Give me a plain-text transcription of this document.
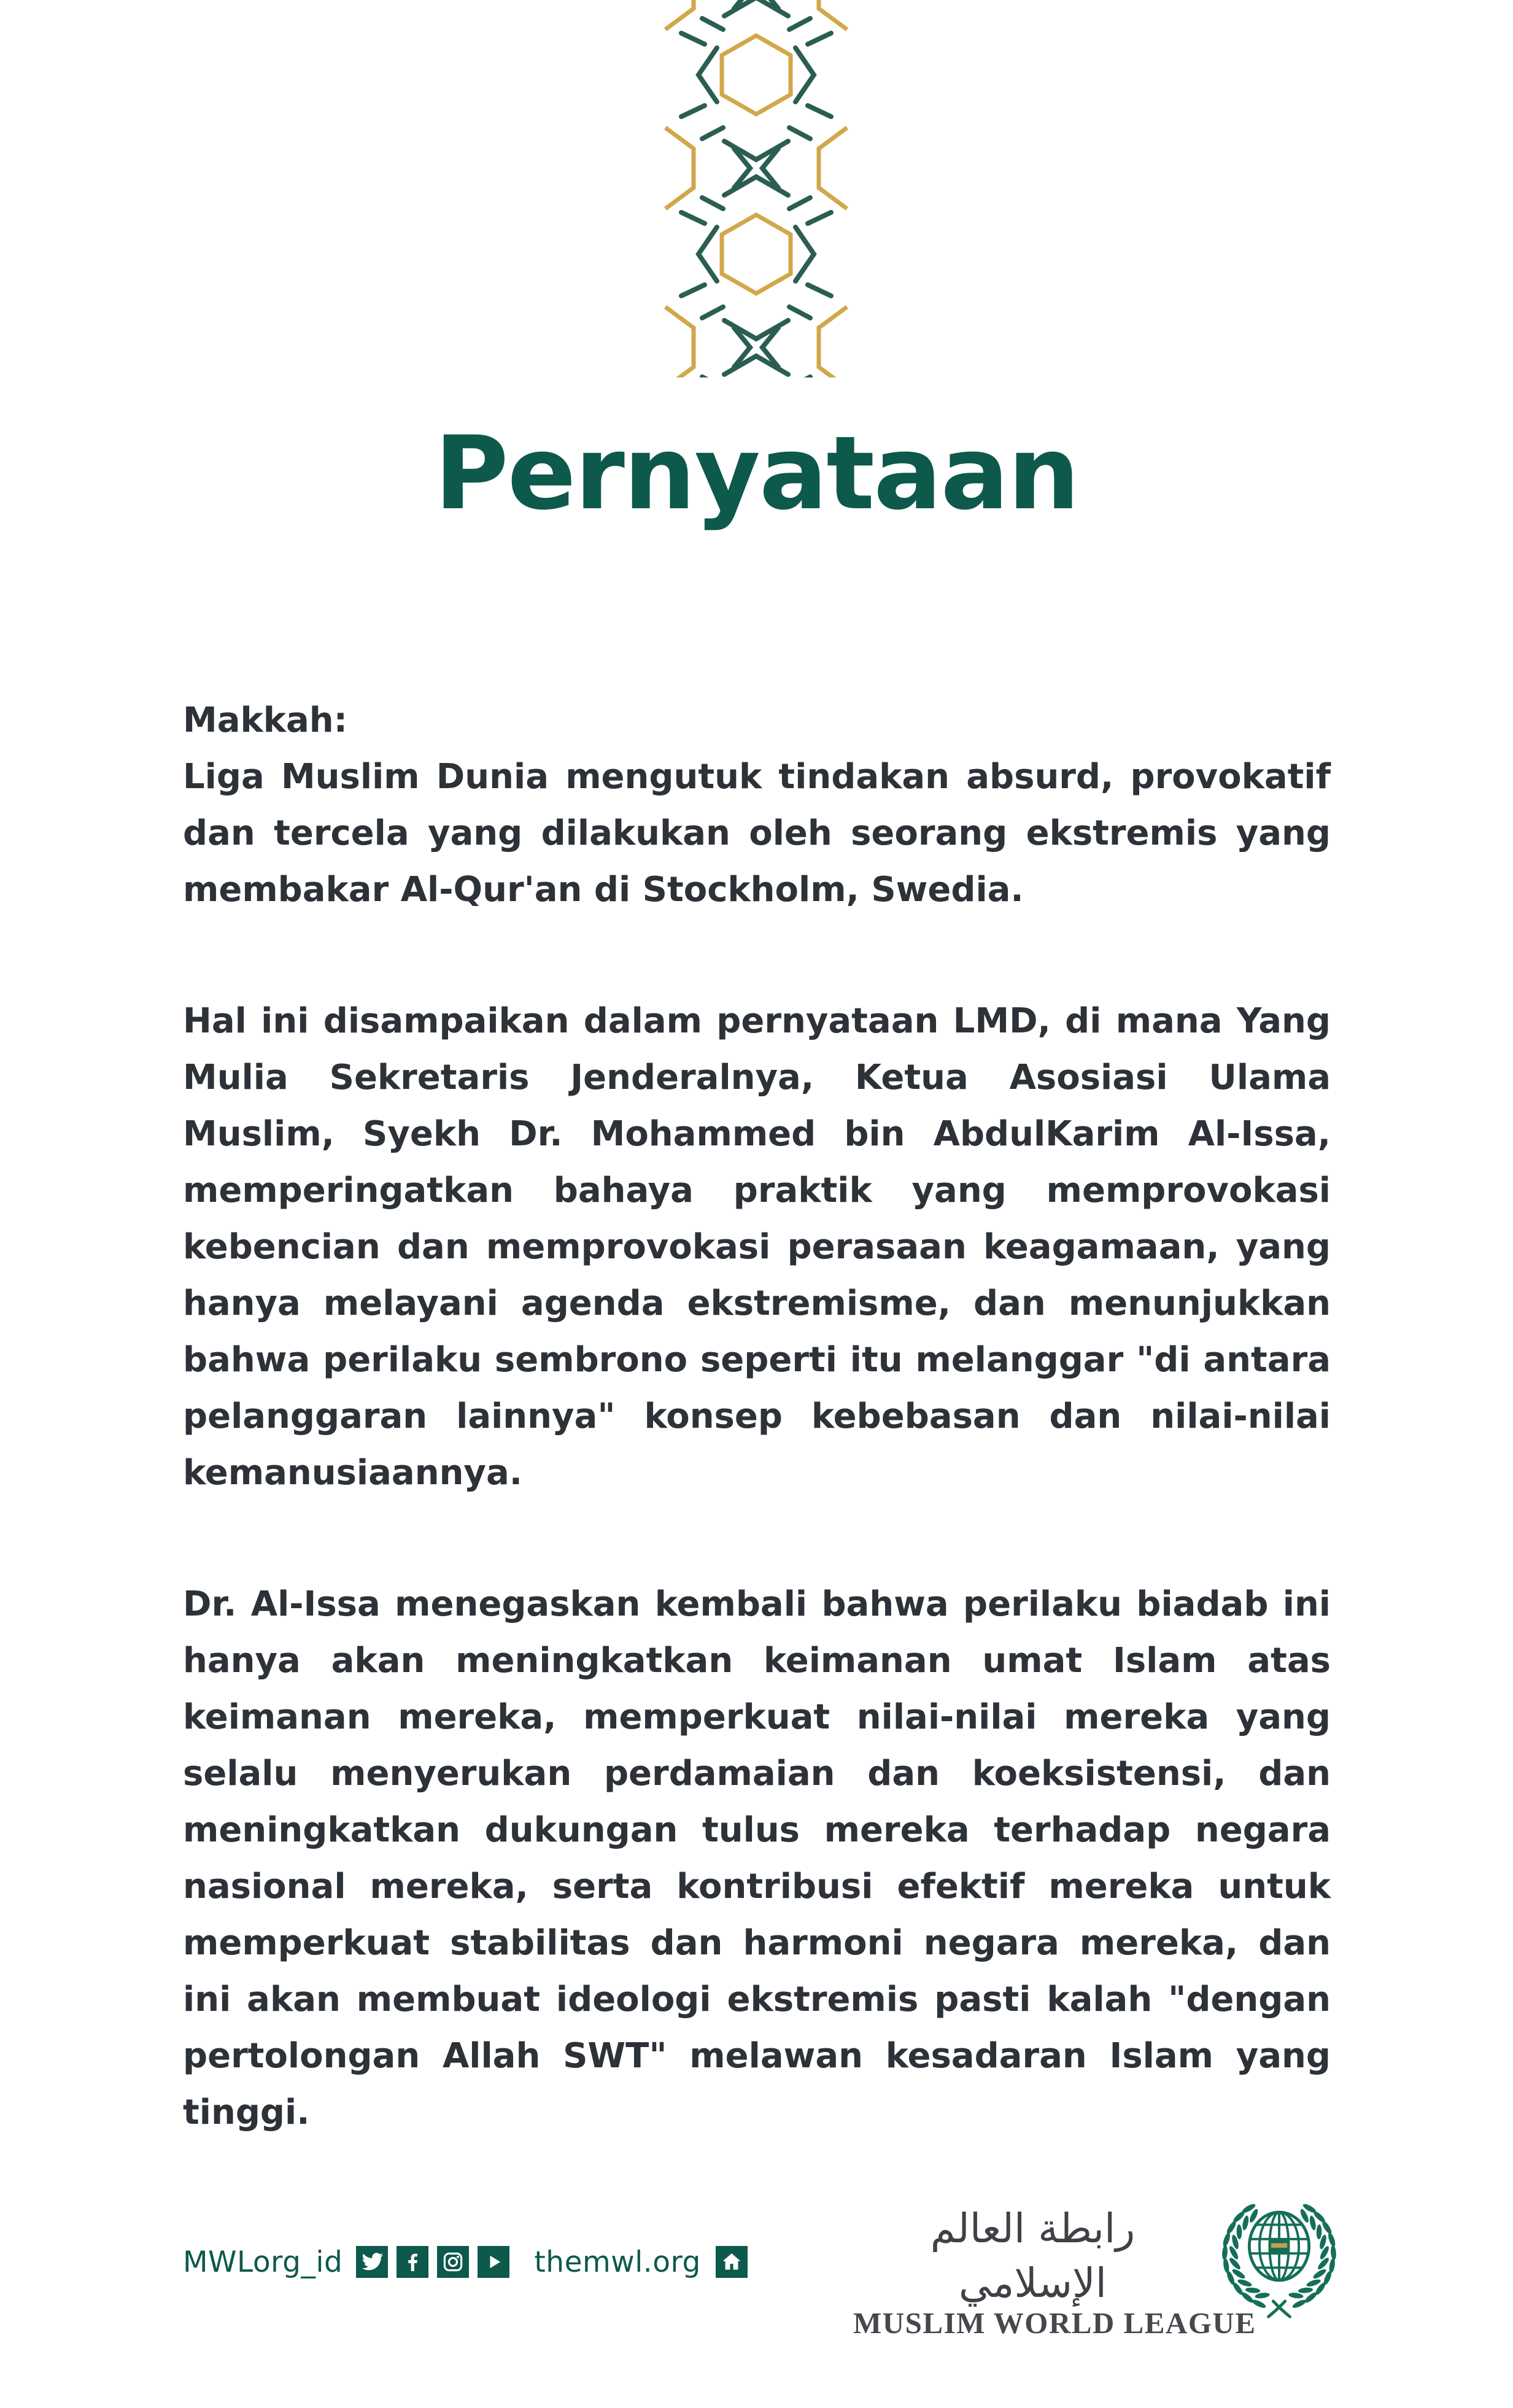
Pernyataan
Makkah:

Liga Muslim Dunia mengutuk tindakan absurd, provokatif dan tercela yang dilakukan oleh seorang ekstremis yang membakar Al-Qur'an di Stockholm, Swedia.

Hal ini disampaikan dalam pernyataan LMD, di mana Yang Mulia Sekretaris Jenderalnya, Ketua Asosiasi Ulama Muslim, Syekh Dr. Mohammed bin AbdulKarim Al-Issa, memperingatkan bahaya praktik yang memprovokasi kebencian dan memprovokasi perasaan keagamaan, yang hanya melayani agenda ekstremisme, dan menunjukkan bahwa perilaku sembrono seperti itu melanggar "di antara pelanggaran lainnya" konsep kebebasan dan nilai-nilai kemanusiaannya.

Dr. Al-Issa menegaskan kembali bahwa perilaku biadab ini hanya akan meningkatkan keimanan umat Islam atas keimanan mereka, memperkuat nilai-nilai mereka yang selalu menyerukan perdamaian dan koeksistensi, dan meningkatkan dukungan tulus mereka terhadap negara nasional mereka, serta kontribusi efektif mereka untuk memperkuat stabilitas dan harmoni negara mereka, dan ini akan membuat ideologi ekstremis pasti kalah "dengan pertolongan Allah SWT" melawan kesadaran Islam yang tinggi.

MWLorg_id	themwl.org
رابطة العالم الإسلامي
MUSLIM WORLD LEAGUE
